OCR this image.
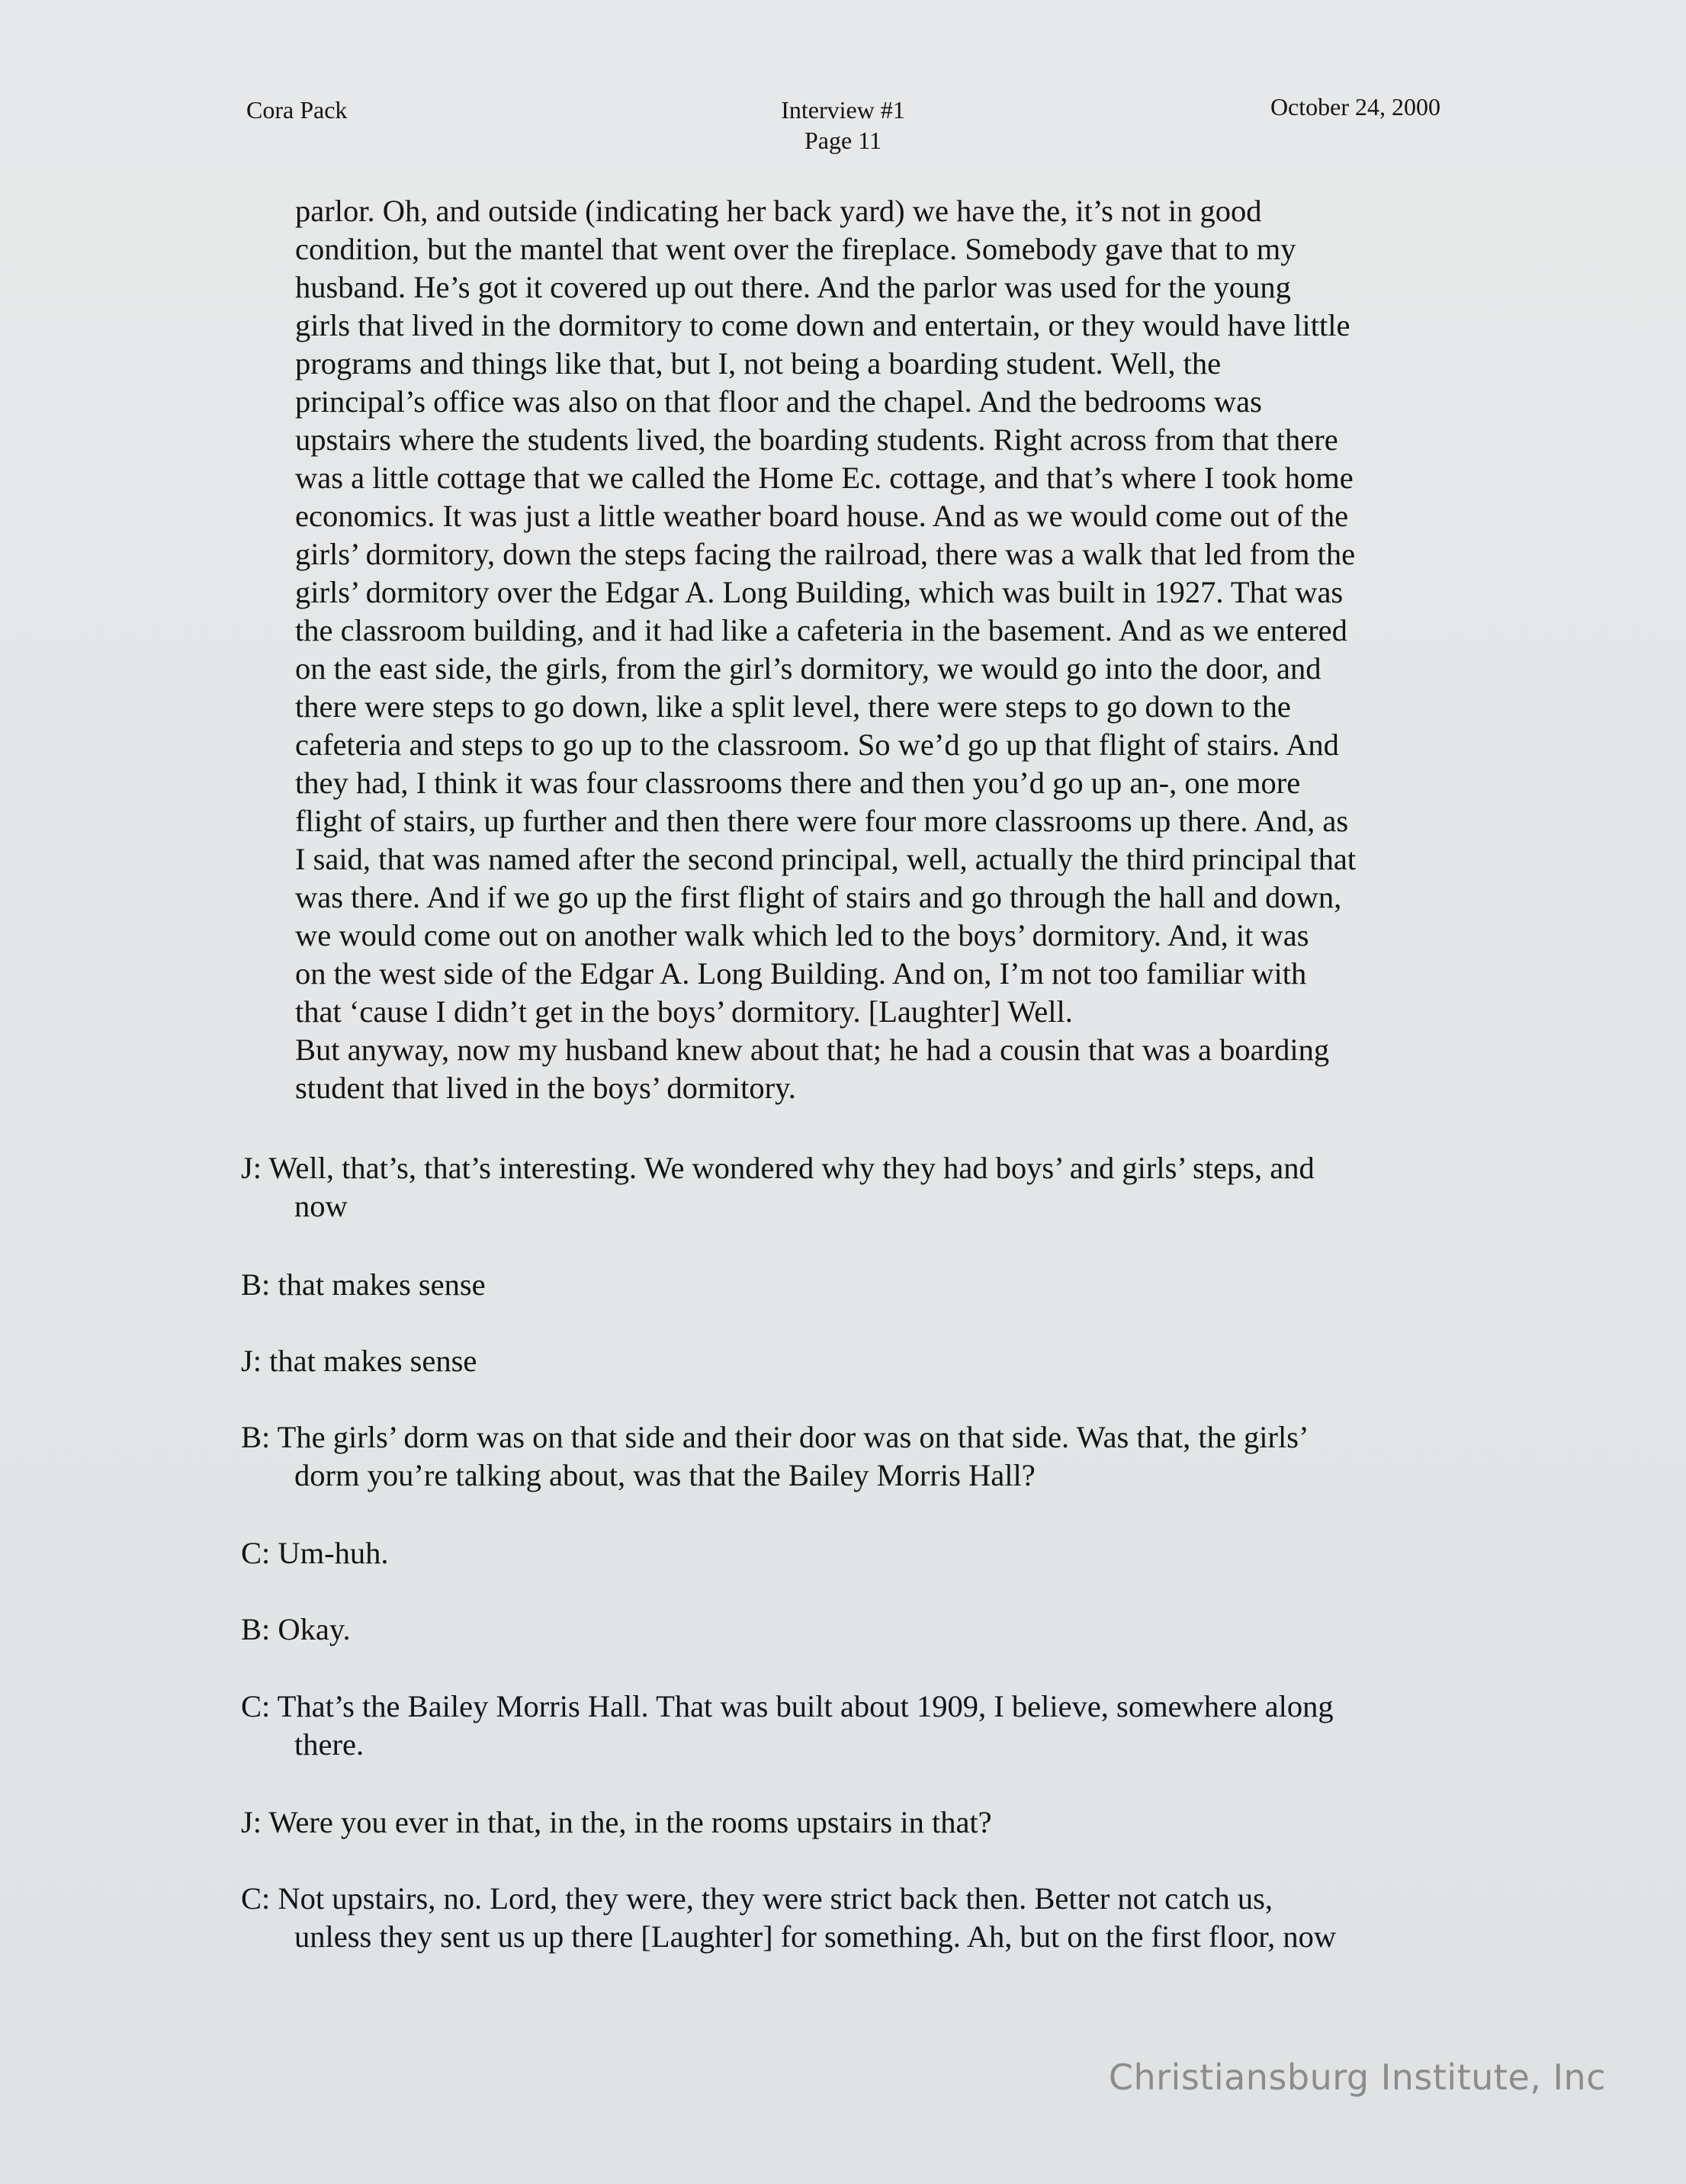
Cora Pack	Interview #1
Page 11
October 24, 2000
parlor. Oh, and outside (indicating her back yard) we have the, it’s not in good
condition, but the mantel that went over the fireplace. Somebody gave that to my
husband. He’s got it covered up out there. And the parlor was used for the young
girls that lived in the dormitory to come down and entertain, or they would have little
programs and things like that, but I, not being a boarding student. Well, the
principal’s office was also on that floor and the chapel. And the bedrooms was
upstairs where the students lived, the boarding students. Right across from that there
was a little cottage that we called the Home Ec. cottage, and that’s where I took home
economics. It was just a little weather board house. And as we would come out of the
girls’ dormitory, down the steps facing the railroad, there was a walk that led from the
girls’ dormitory over the Edgar A. Long Building, which was built in 1927. That was
the classroom building, and it had like a cafeteria in the basement. And as we entered
on the east side, the girls, from the girl’s dormitory, we would go into the door, and
there were steps to go down, like a split level, there were steps to go down to the
cafeteria and steps to go up to the classroom. So we’d go up that flight of stairs. And
they had, I think it was four classrooms there and then you’d go up an-, one more
flight of stairs, up further and then there were four more classrooms up there. And, as
I said, that was named after the second principal, well, actually the third principal that
was there. And if we go up the first flight of stairs and go through the hall and down,
we would come out on another walk which led to the boys’ dormitory. And, it was
on the west side of the Edgar A. Long Building. And on, I’m not too familiar with
that ‘cause I didn’t get in the boys’ dormitory. [Laughter] Well.
But anyway, now my husband knew about that; he had a cousin that was a boarding
student that lived in the boys’ dormitory.
J: Well, that’s, that’s interesting. We wondered why they had boys’ and girls’ steps, and
now
B: that makes sense
J: that makes sense
B: The girls’ dorm was on that side and their door was on that side. Was that, the girls’
dorm you’re talking about, was that the Bailey Morris Hall?
C: Um-huh.
B: Okay.
C: That’s the Bailey Morris Hall. That was built about 1909, I believe, somewhere along
there.
J: Were you ever in that, in the, in the rooms upstairs in that?
C: Not upstairs, no. Lord, they were, they were strict back then. Better not catch us,
unless they sent us up there [Laughter] for something. Ah, but on the first floor, now
Christiansburg Institute, Inc
